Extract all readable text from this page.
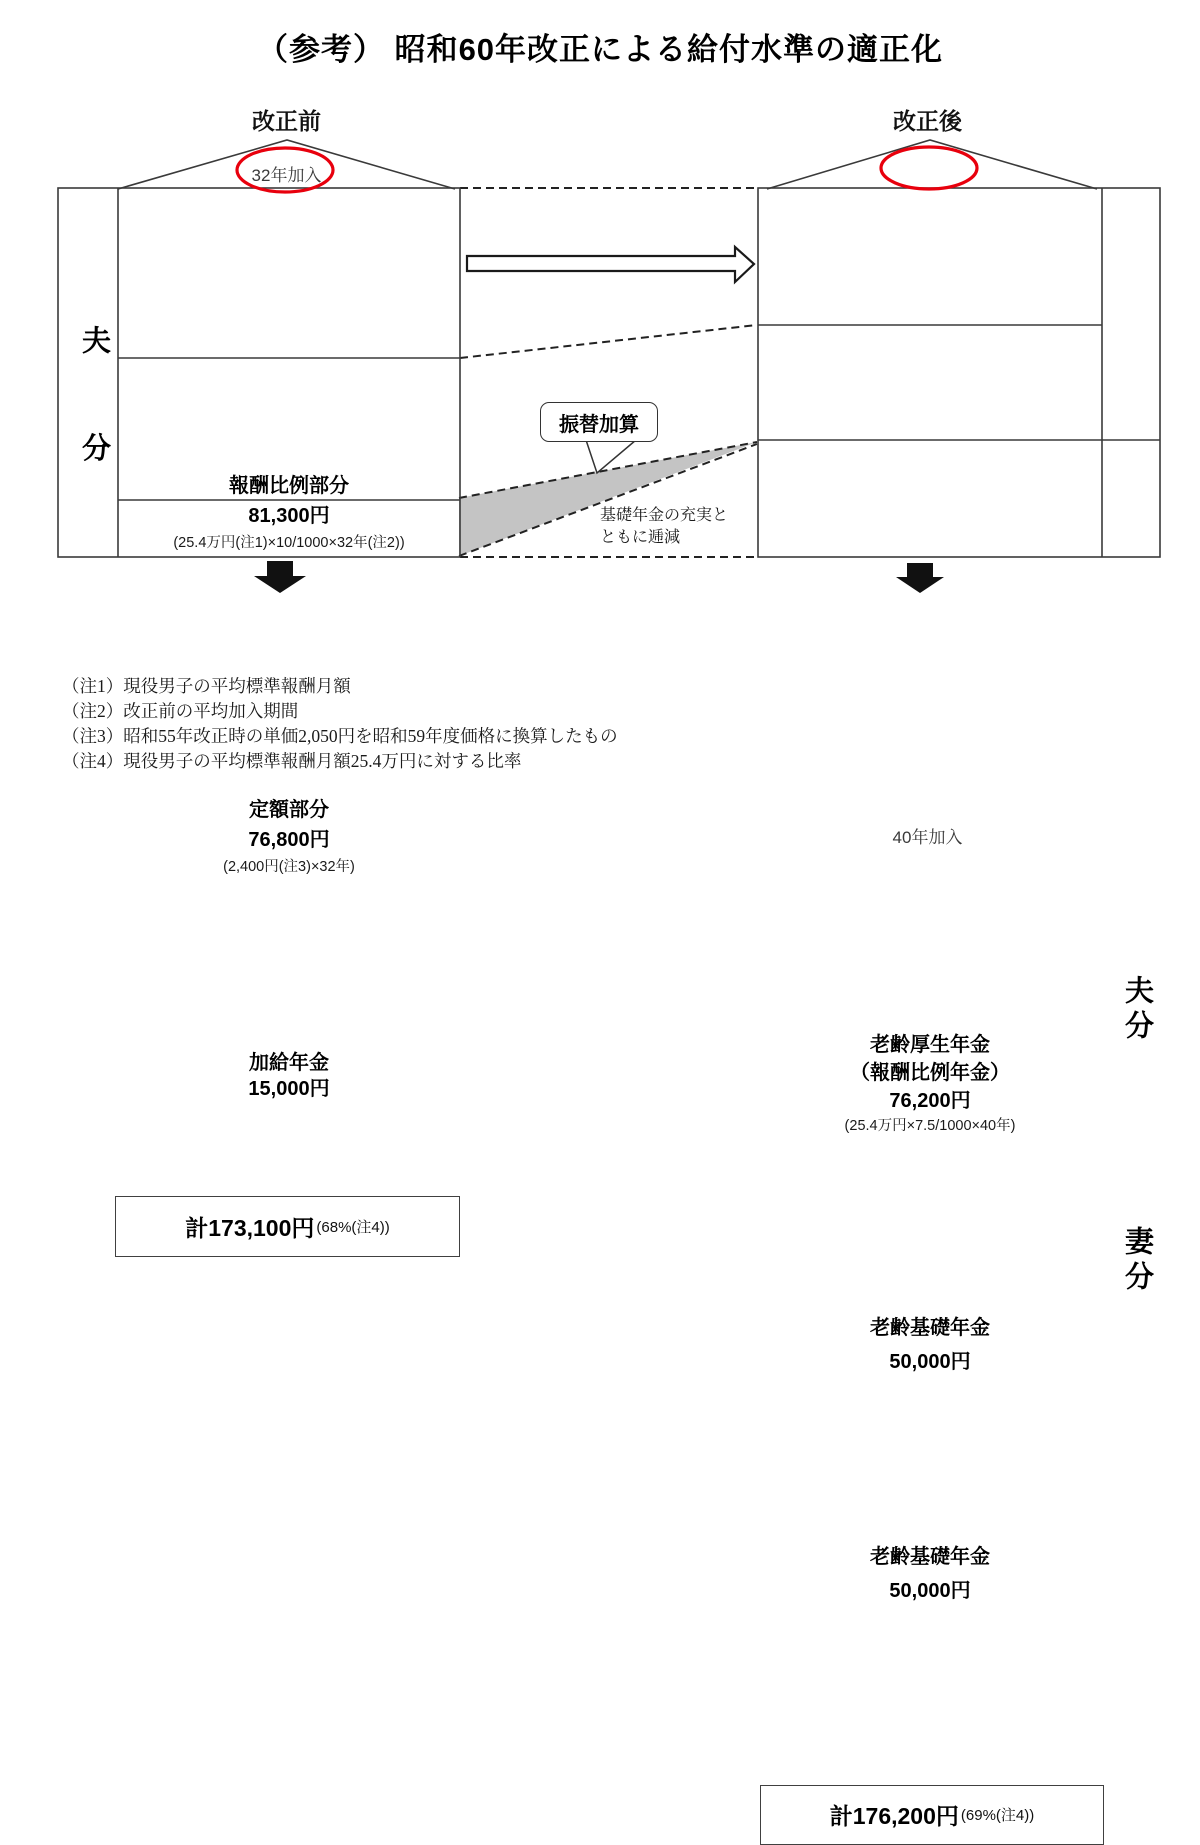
（参考） 昭和60年改正による給付水準の適正化
改正前
32年加入
夫分	報酬比例部分
81,300円
(25.4万円(注1)×10/1000×32年(注2))
定額部分
76,800円
(2,400円(注3)×32年)
加給年金
15,000円
計173,100円 (68%(注4))
振替加算
基礎年金の充実と
ともに逓減
改正後
40年加入
夫分
妻分
老齢厚生年金
（報酬比例年金）
76,200円
(25.4万円×7.5/1000×40年)
老齢基礎年金
50,000円
老齢基礎年金
50,000円
計176,200円 (69%(注4))
（注1）現役男子の平均標準報酬月額
（注2）改正前の平均加入期間
（注3）昭和55年改正時の単価2,050円を昭和59年度価格に換算したもの
（注4）現役男子の平均標準報酬月額25.4万円に対する比率
